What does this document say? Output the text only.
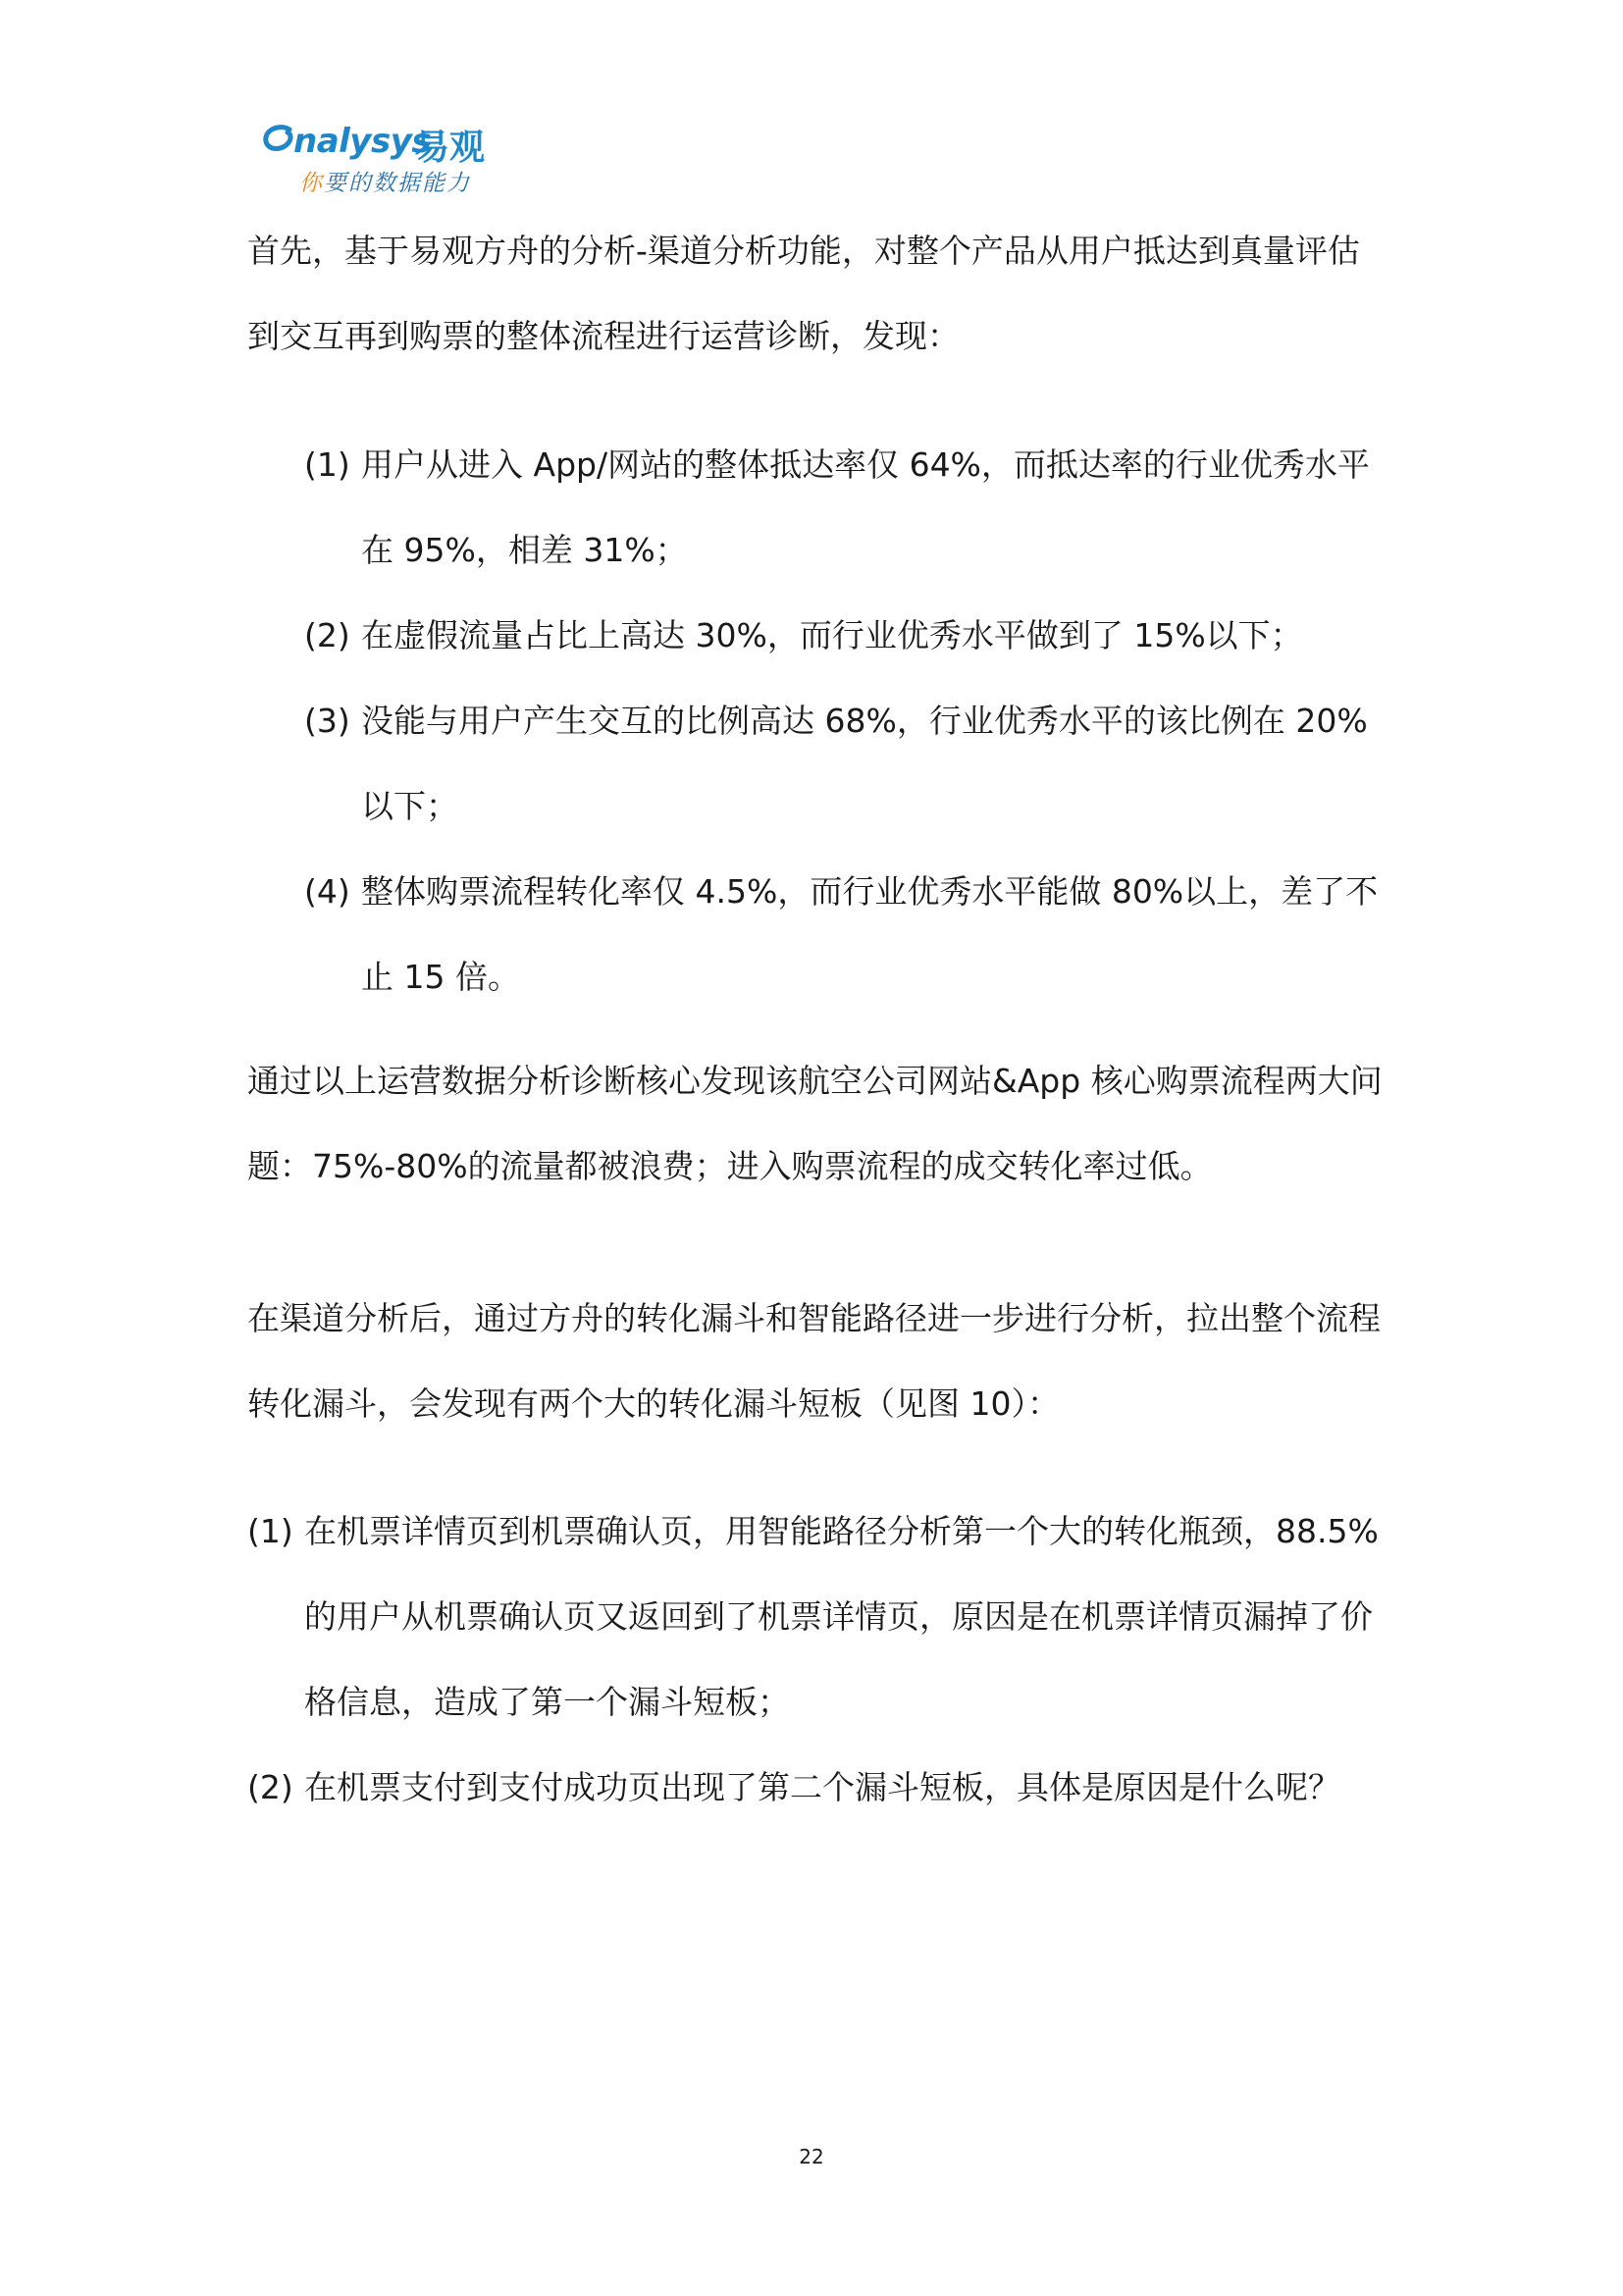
nalysys
易观
你要的数据能力

首先，基于易观方舟的分析-渠道分析功能，对整个产品从用户抵达到真量评估到交互再到购票的整体流程进行运营诊断，发现：

(1) 用户从进入 App/网站的整体抵达率仅 64%，而抵达率的行业优秀水平在 95%，相差 31%；
(2) 在虚假流量占比上高达 30%，而行业优秀水平做到了 15%以下；
(3) 没能与用户产生交互的比例高达 68%，行业优秀水平的该比例在 20%以下；
(4) 整体购票流程转化率仅 4.5%，而行业优秀水平能做 80%以上，差了不止 15 倍。

通过以上运营数据分析诊断核心发现该航空公司网站&App 核心购票流程两大问题：75%-80%的流量都被浪费；进入购票流程的成交转化率过低。

在渠道分析后，通过方舟的转化漏斗和智能路径进一步进行分析，拉出整个流程转化漏斗，会发现有两个大的转化漏斗短板（见图 10）：

(1) 在机票详情页到机票确认页，用智能路径分析第一个大的转化瓶颈，88.5%的用户从机票确认页又返回到了机票详情页，原因是在机票详情页漏掉了价格信息，造成了第一个漏斗短板；
(2) 在机票支付到支付成功页出现了第二个漏斗短板，具体是原因是什么呢？
22
